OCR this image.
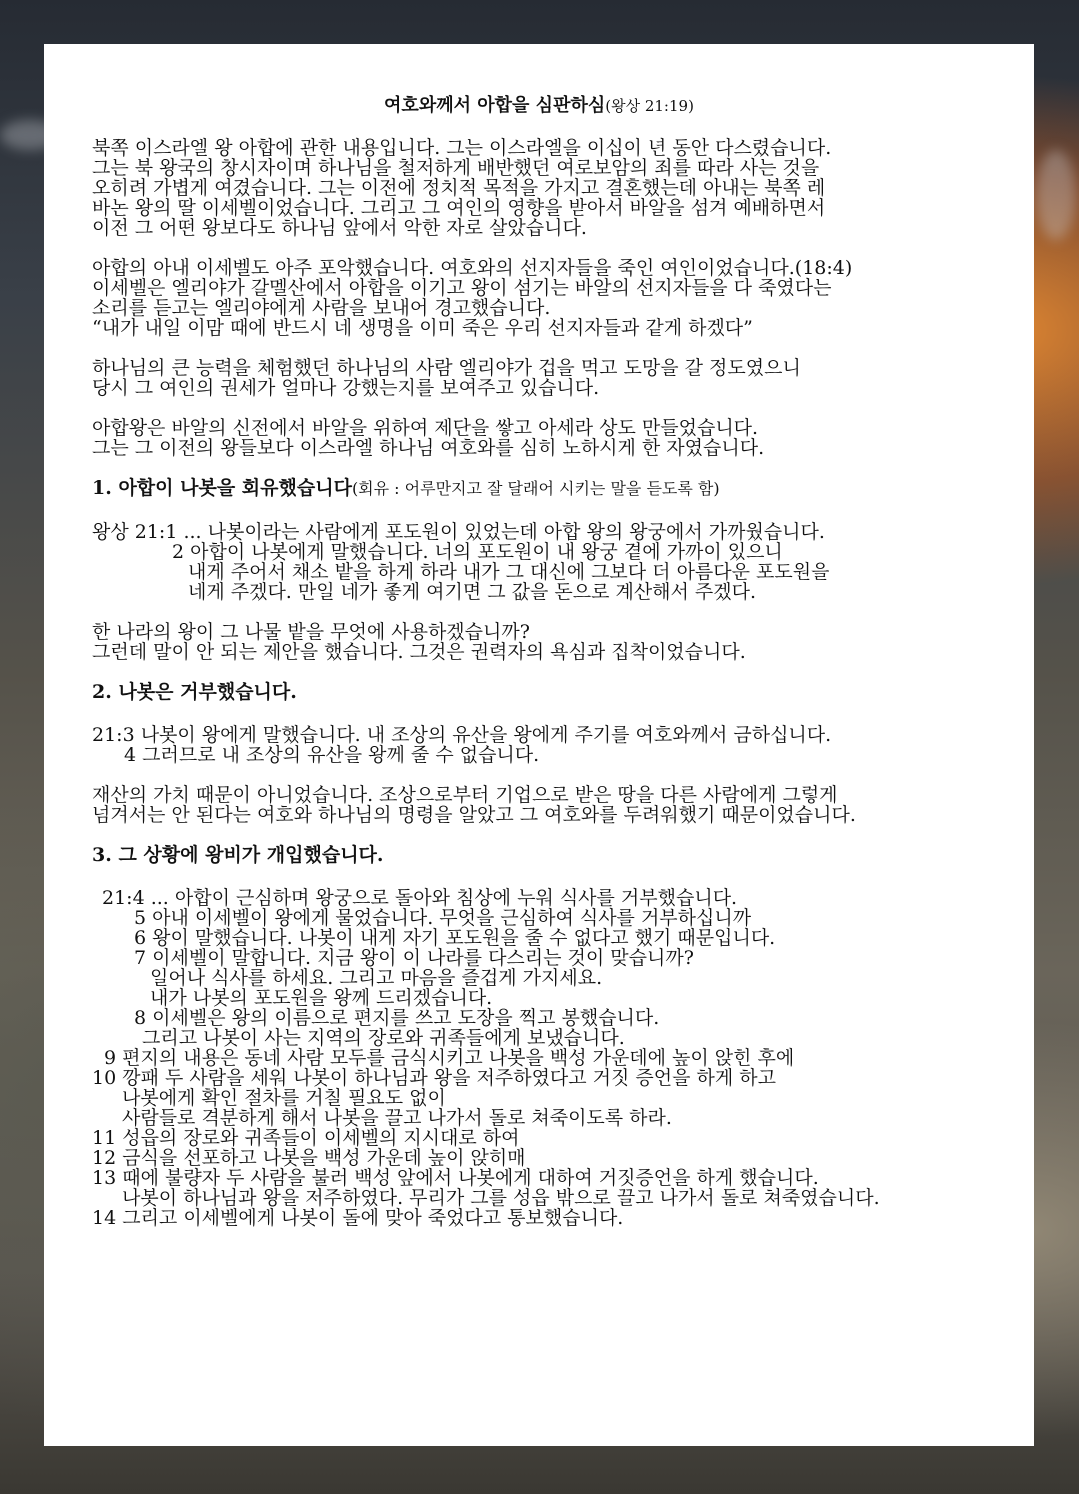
여호와께서 아합을 심판하심(왕상 21:19)

북쪽 이스라엘 왕 아합에 관한 내용입니다. 그는 이스라엘을 이십이 년 동안 다스렸습니다.

그는 북 왕국의 창시자이며 하나님을 철저하게 배반했던 여로보암의 죄를 따라 사는 것을

오히려 가볍게 여겼습니다. 그는 이전에 정치적 목적을 가지고 결혼했는데 아내는 북쪽 레

바논 왕의 딸 이세벨이었습니다. 그리고 그 여인의 영향을 받아서 바알을 섬겨 예배하면서

이전 그 어떤 왕보다도 하나님 앞에서 악한 자로 살았습니다.

아합의 아내 이세벨도 아주 포악했습니다. 여호와의 선지자들을 죽인 여인이었습니다.(18:4)

이세벨은 엘리야가 갈멜산에서 아합을 이기고 왕이 섬기는 바알의 선지자들을 다 죽였다는

소리를 듣고는 엘리야에게 사람을 보내어 경고했습니다.

“내가 내일 이맘 때에 반드시 네 생명을 이미 죽은 우리 선지자들과 같게 하겠다”

하나님의 큰 능력을 체험했던 하나님의 사람 엘리야가 겁을 먹고 도망을 갈 정도였으니

당시 그 여인의 권세가 얼마나 강했는지를 보여주고 있습니다.

아합왕은 바알의 신전에서 바알을 위하여 제단을 쌓고 아세라 상도 만들었습니다.

그는 그 이전의 왕들보다 이스라엘 하나님 여호와를 심히 노하시게 한 자였습니다.

1. 아합이 나봇을 회유했습니다(회유 : 어루만지고 잘 달래어 시키는 말을 듣도록 함)

왕상 21:1 ... 나봇이라는 사람에게 포도원이 있었는데 아합 왕의 왕궁에서 가까웠습니다.

2 아합이 나봇에게 말했습니다. 너의 포도원이 내 왕궁 곁에 가까이 있으니

내게 주어서 채소 밭을 하게 하라 내가 그 대신에 그보다 더 아름다운 포도원을

네게 주겠다. 만일 네가 좋게 여기면 그 값을 돈으로 계산해서 주겠다.

한 나라의 왕이 그 나물 밭을 무엇에 사용하겠습니까?

그런데 말이 안 되는 제안을 했습니다. 그것은 권력자의 욕심과 집착이었습니다.

2. 나봇은 거부했습니다.

21:3 나봇이 왕에게 말했습니다. 내 조상의 유산을 왕에게 주기를 여호와께서 금하십니다.

4 그러므로 내 조상의 유산을 왕께 줄 수 없습니다.

재산의 가치 때문이 아니었습니다. 조상으로부터 기업으로 받은 땅을 다른 사람에게 그렇게

넘겨서는 안 된다는 여호와 하나님의 명령을 알았고 그 여호와를 두려워했기 때문이었습니다.

3. 그 상황에 왕비가 개입했습니다.

21:4 ... 아합이 근심하며 왕궁으로 돌아와 침상에 누워 식사를 거부했습니다.

5 아내 이세벨이 왕에게 물었습니다. 무엇을 근심하여 식사를 거부하십니까

6 왕이 말했습니다. 나봇이 내게 자기 포도원을 줄 수 없다고 했기 때문입니다.

7 이세벨이 말합니다. 지금 왕이 이 나라를 다스리는 것이 맞습니까?

일어나 식사를 하세요. 그리고 마음을 즐겁게 가지세요.

내가 나봇의 포도원을 왕께 드리겠습니다.

8 이세벨은 왕의 이름으로 편지를 쓰고 도장을 찍고 봉했습니다.

그리고 나봇이 사는 지역의 장로와 귀족들에게 보냈습니다.

9 편지의 내용은 동네 사람 모두를 금식시키고 나봇을 백성 가운데에 높이 앉힌 후에

10 깡패 두 사람을 세워 나봇이 하나님과 왕을 저주하였다고 거짓 증언을 하게 하고

나봇에게 확인 절차를 거칠 필요도 없이

사람들로 격분하게 해서 나봇을 끌고 나가서 돌로 쳐죽이도록 하라.

11 성읍의 장로와 귀족들이 이세벨의 지시대로 하여

12 금식을 선포하고 나봇을 백성 가운데 높이 앉히매

13 때에 불량자 두 사람을 불러 백성 앞에서 나봇에게 대하여 거짓증언을 하게 했습니다.

나봇이 하나님과 왕을 저주하였다. 무리가 그를 성읍 밖으로 끌고 나가서 돌로 쳐죽였습니다.

14 그리고 이세벨에게 나봇이 돌에 맞아 죽었다고 통보했습니다.
